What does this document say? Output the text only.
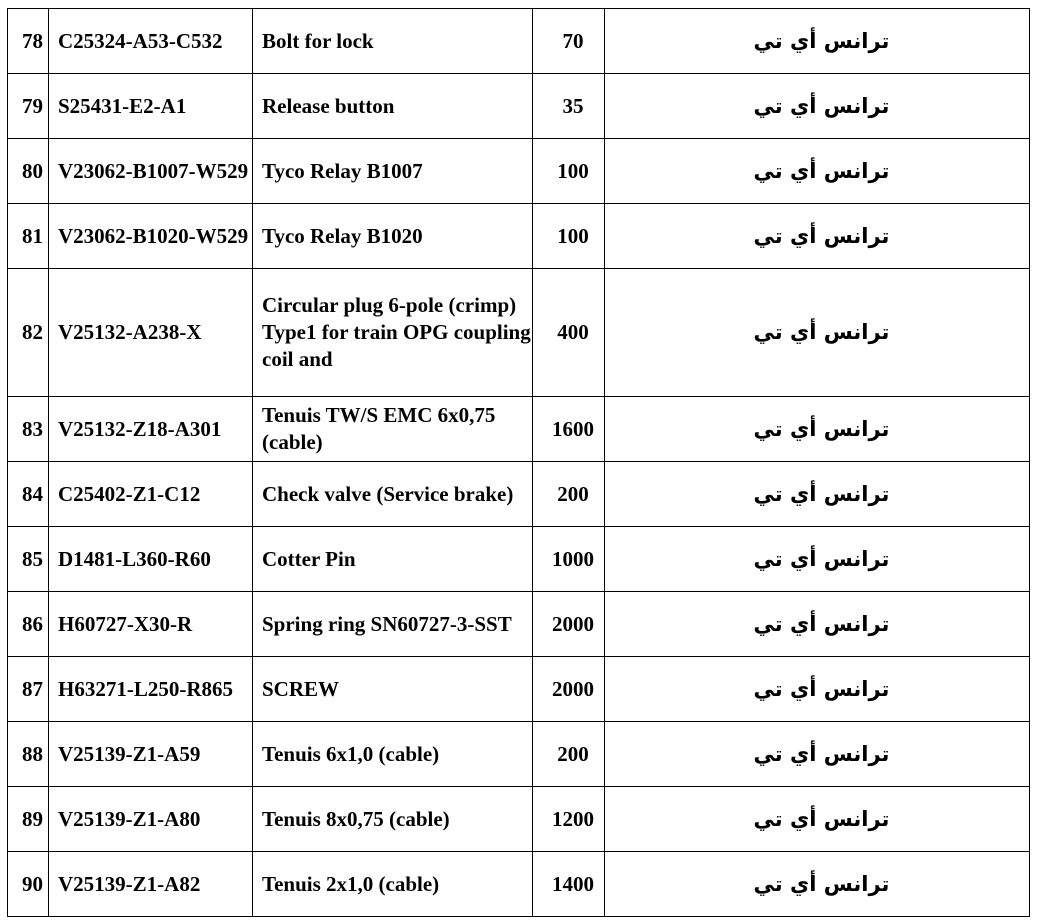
78	C25324-A53-C532	Bolt for lock	70	ترانس أي تي
79	S25431-E2-A1	Release button	35	ترانس أي تي
80	V23062-B1007-W529	Tyco Relay B1007	100	ترانس أي تي
81	V23062-B1020-W529	Tyco Relay B1020	100	ترانس أي تي
82	V25132-A238-X	Circular plug 6-pole (crimp) Type1 for train OPG coupling coil and	400	ترانس أي تي
83	V25132-Z18-A301	Tenuis TW/S EMC 6x0,75 (cable)	1600	ترانس أي تي
84	C25402-Z1-C12	Check valve (Service brake)	200	ترانس أي تي
85	D1481-L360-R60	Cotter Pin	1000	ترانس أي تي
86	H60727-X30-R	Spring ring SN60727-3-SST	2000	ترانس أي تي
87	H63271-L250-R865	SCREW	2000	ترانس أي تي
88	V25139-Z1-A59	Tenuis 6x1,0 (cable)	200	ترانس أي تي
89	V25139-Z1-A80	Tenuis 8x0,75 (cable)	1200	ترانس أي تي
90	V25139-Z1-A82	Tenuis 2x1,0 (cable)	1400	ترانس أي تي
